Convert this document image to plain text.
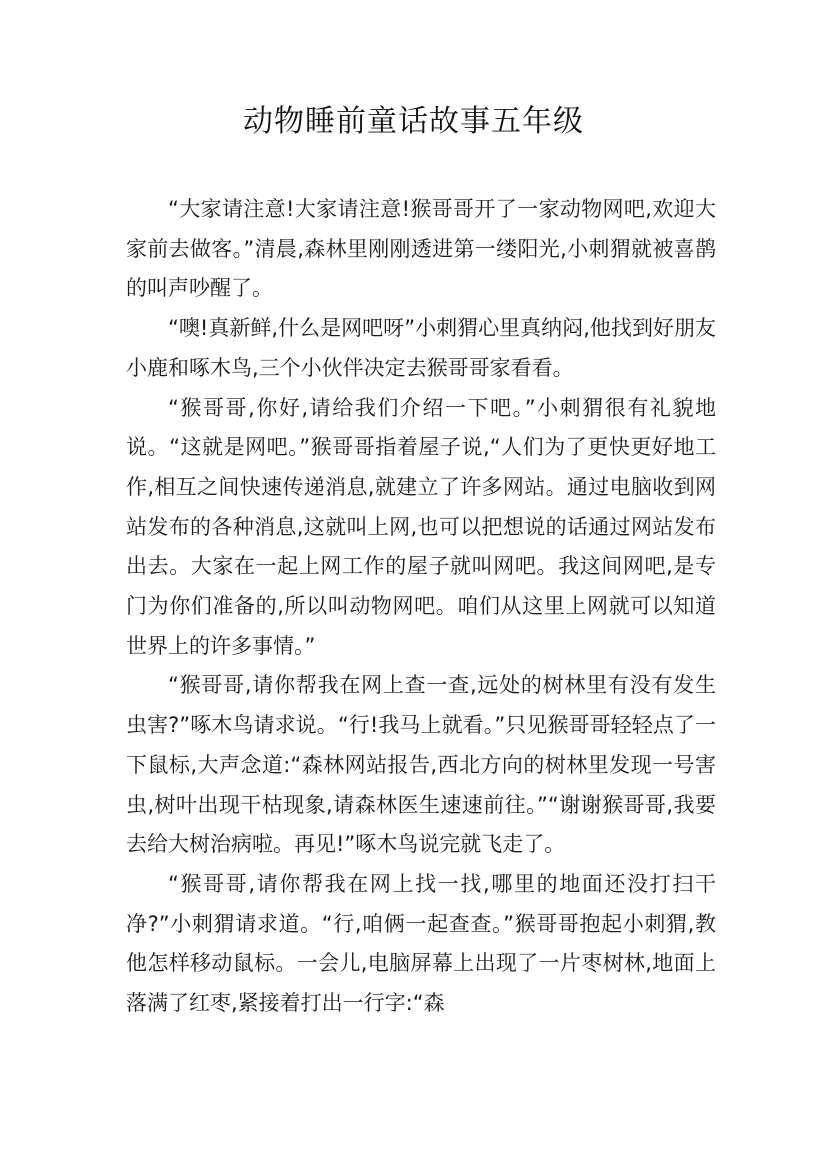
动物睡前童话故事五年级

“大家请注意!大家请注意!猴哥哥开了一家动物网吧,欢迎大家前去做客。”清晨,森林里刚刚透进第一缕阳光,小刺猬就被喜鹊的叫声吵醒了。

“噢!真新鲜,什么是网吧呀”小刺猬心里真纳闷,他找到好朋友小鹿和啄木鸟,三个小伙伴决定去猴哥哥家看看。

“猴哥哥,你好,请给我们介绍一下吧。”小刺猬很有礼貌地说。“这就是网吧。”猴哥哥指着屋子说,“人们为了更快更好地工作,相互之间快速传递消息,就建立了许多网站。通过电脑收到网站发布的各种消息,这就叫上网,也可以把想说的话通过网站发布出去。大家在一起上网工作的屋子就叫网吧。我这间网吧,是专门为你们准备的,所以叫动物网吧。咱们从这里上网就可以知道世界上的许多事情。”

“猴哥哥,请你帮我在网上查一查,远处的树林里有没有发生虫害?”啄木鸟请求说。“行!我马上就看。”只见猴哥哥轻轻点了一下鼠标,大声念道:“森林网站报告,西北方向的树林里发现一号害虫,树叶出现干枯现象,请森林医生速速前往。”“谢谢猴哥哥,我要去给大树治病啦。再见!”啄木鸟说完就飞走了。

“猴哥哥,请你帮我在网上找一找,哪里的地面还没打扫干净?”小刺猬请求道。“行,咱俩一起查查。”猴哥哥抱起小刺猬,教他怎样移动鼠标。一会儿,电脑屏幕上出现了一片枣树林,地面上落满了红枣,紧接着打出一行字:“森
